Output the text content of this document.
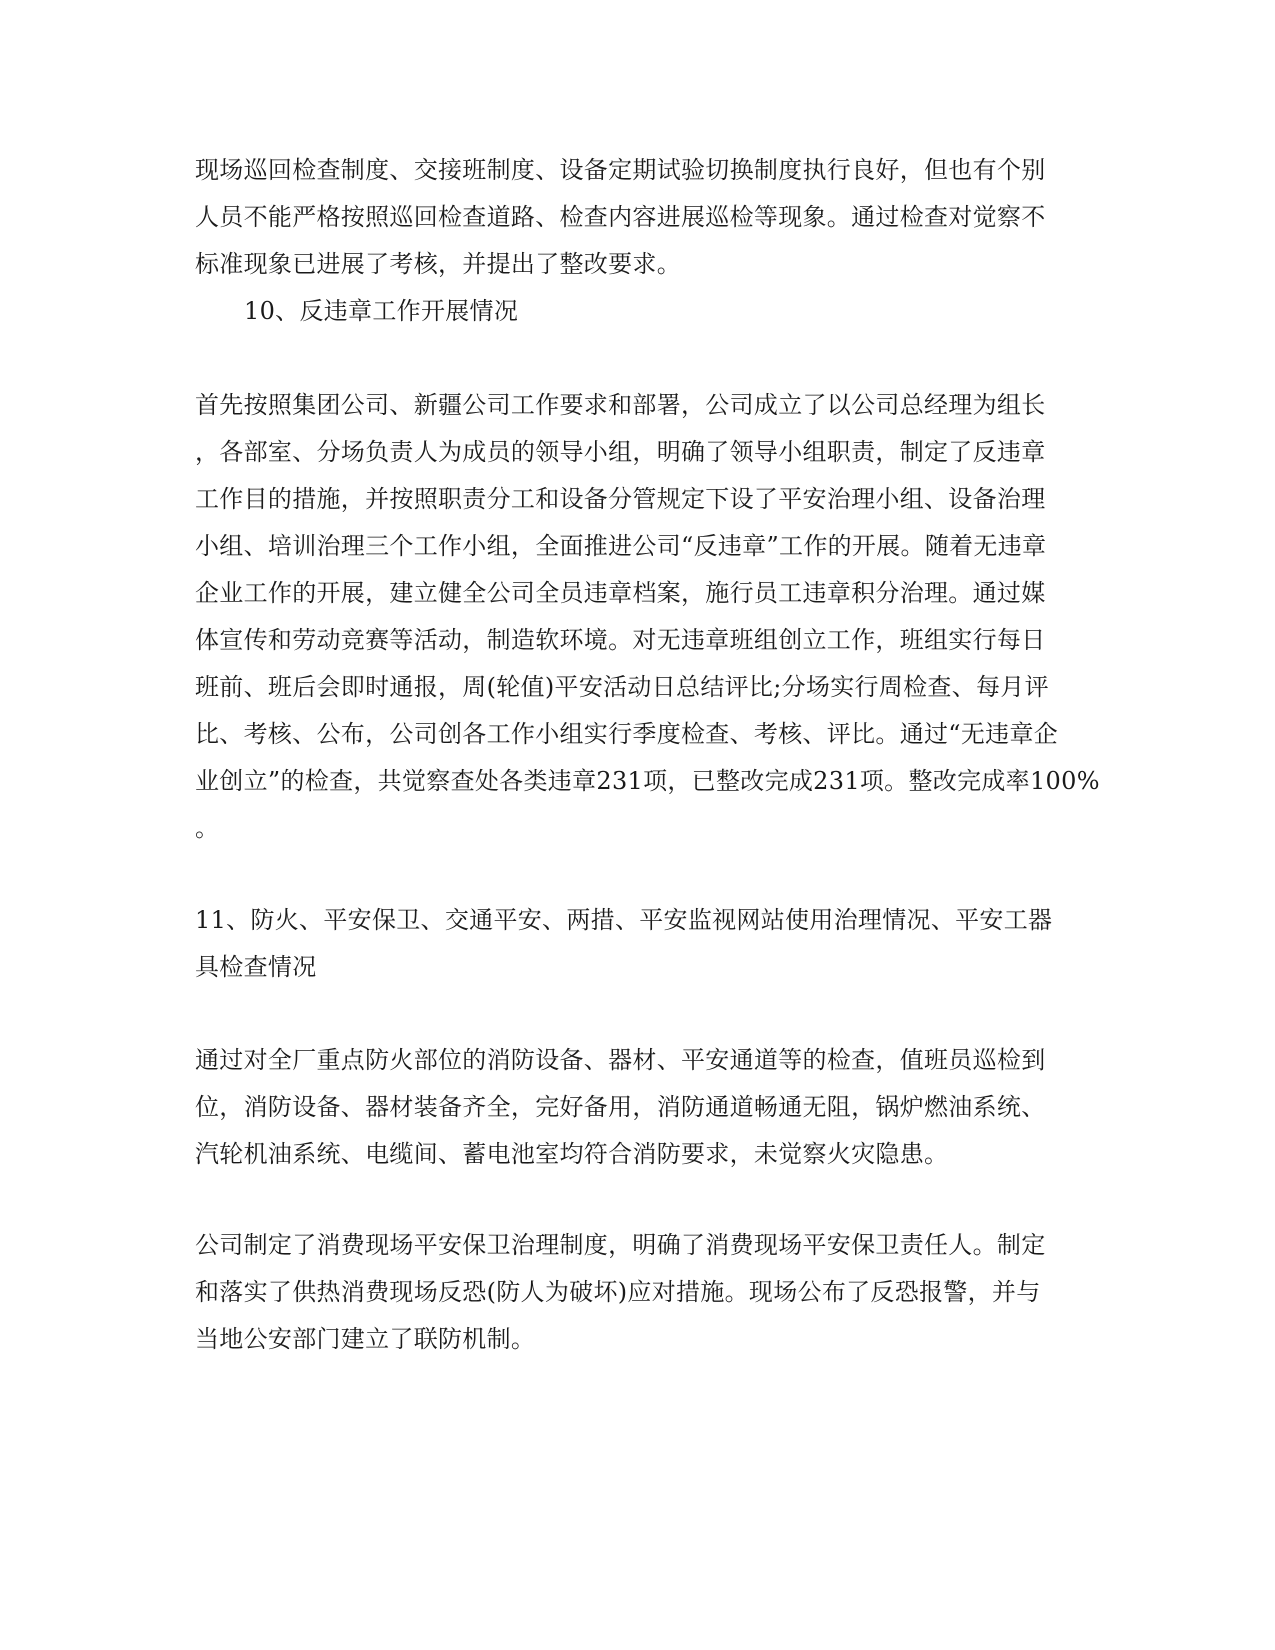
现场巡回检查制度、交接班制度、设备定期试验切换制度执行良好，但也有个别
人员不能严格按照巡回检查道路、检查内容进展巡检等现象。通过检查对觉察不
标准现象已进展了考核，并提出了整改要求。
10、反违章工作开展情况
首先按照集团公司、新疆公司工作要求和部署，公司成立了以公司总经理为组长
，各部室、分场负责人为成员的领导小组，明确了领导小组职责，制定了反违章
工作目的措施，并按照职责分工和设备分管规定下设了平安治理小组、设备治理
小组、培训治理三个工作小组，全面推进公司“反违章”工作的开展。随着无违章
企业工作的开展，建立健全公司全员违章档案，施行员工违章积分治理。通过媒
体宣传和劳动竞赛等活动，制造软环境。对无违章班组创立工作，班组实行每日
班前、班后会即时通报，周(轮值)平安活动日总结评比;分场实行周检查、每月评
比、考核、公布，公司创各工作小组实行季度检查、考核、评比。通过“无违章企
业创立”的检查，共觉察查处各类违章231项，已整改完成231项。整改完成率100%
。
11、防火、平安保卫、交通平安、两措、平安监视网站使用治理情况、平安工器
具检查情况
通过对全厂重点防火部位的消防设备、器材、平安通道等的检查，值班员巡检到
位，消防设备、器材装备齐全，完好备用，消防通道畅通无阻，锅炉燃油系统、
汽轮机油系统、电缆间、蓄电池室均符合消防要求，未觉察火灾隐患。
公司制定了消费现场平安保卫治理制度，明确了消费现场平安保卫责任人。制定
和落实了供热消费现场反恐(防人为破坏)应对措施。现场公布了反恐报警，并与
当地公安部门建立了联防机制。
